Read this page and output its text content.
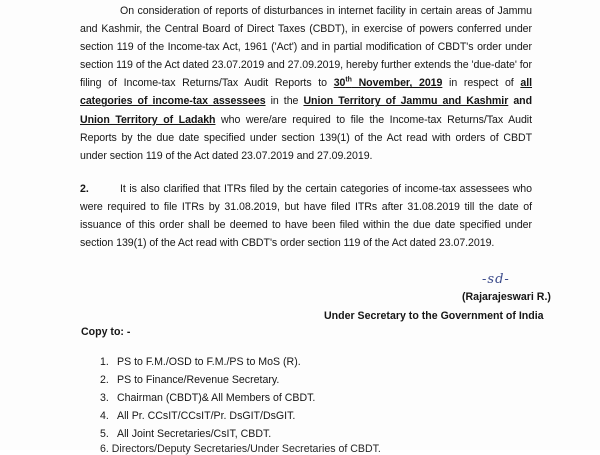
On consideration of reports of disturbances in internet facility in certain areas of Jammu and Kashmir, the Central Board of Direct Taxes (CBDT), in exercise of powers conferred under section 119 of the Income-tax Act, 1961 ('Act') and in partial modification of CBDT's order under section 119 of the Act dated 23.07.2019 and 27.09.2019, hereby further extends the 'due-date' for filing of Income-tax Returns/Tax Audit Reports to 30th November, 2019 in respect of all categories of income-tax assessees in the Union Territory of Jammu and Kashmir and Union Territory of Ladakh who were/are required to file the Income-tax Returns/Tax Audit Reports by the due date specified under section 139(1) of the Act read with orders of CBDT under section 119 of the Act dated 23.07.2019 and 27.09.2019.
2.	It is also clarified that ITRs filed by the certain categories of income-tax assessees who were required to file ITRs by 31.08.2019, but have filed ITRs after 31.08.2019 till the date of issuance of this order shall be deemed to have been filed within the due date specified under section 139(1) of the Act read with CBDT's order section 119 of the Act dated 23.07.2019.
-sd-
(Rajarajeswari R.)
Under Secretary to the Government of India
Copy to: -
1. PS to F.M./OSD to F.M./PS to MoS (R).
2. PS to Finance/Revenue Secretary.
3. Chairman (CBDT)& All Members of CBDT.
4. All Pr. CCsIT/CCsIT/Pr. DsGIT/DsGIT.
5. All Joint Secretaries/CsIT, CBDT.
6. Directors/Deputy Secretaries/Under Secretaries of CBDT.
